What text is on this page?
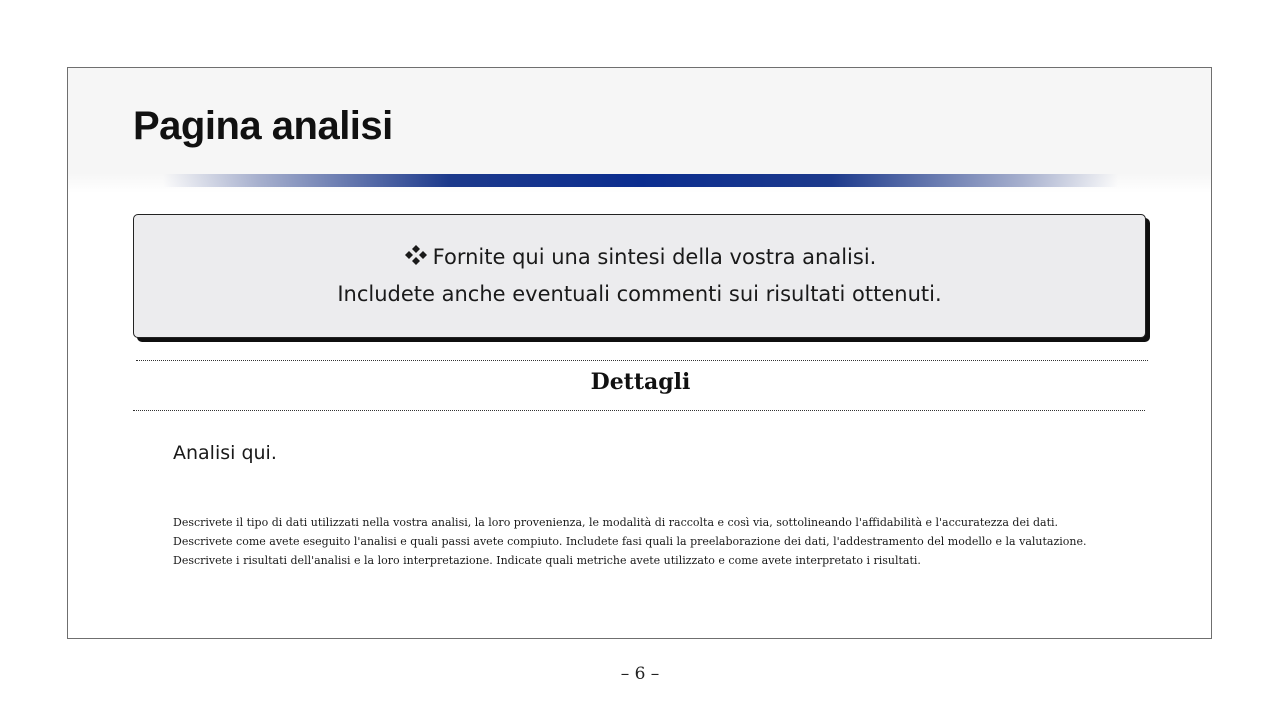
Pagina analisi
Fornite qui una sintesi della vostra analisi.
Includete anche eventuali commenti sui risultati ottenuti.
Dettagli
Analisi qui.
Descrivete il tipo di dati utilizzati nella vostra analisi, la loro provenienza, le modalità di raccolta e così via, sottolineando l'affidabilità e l'accuratezza dei dati.
Descrivete come avete eseguito l'analisi e quali passi avete compiuto. Includete fasi quali la preelaborazione dei dati, l'addestramento del modello e la valutazione.
Descrivete i risultati dell'analisi e la loro interpretazione. Indicate quali metriche avete utilizzato e come avete interpretato i risultati.
– 6 –
